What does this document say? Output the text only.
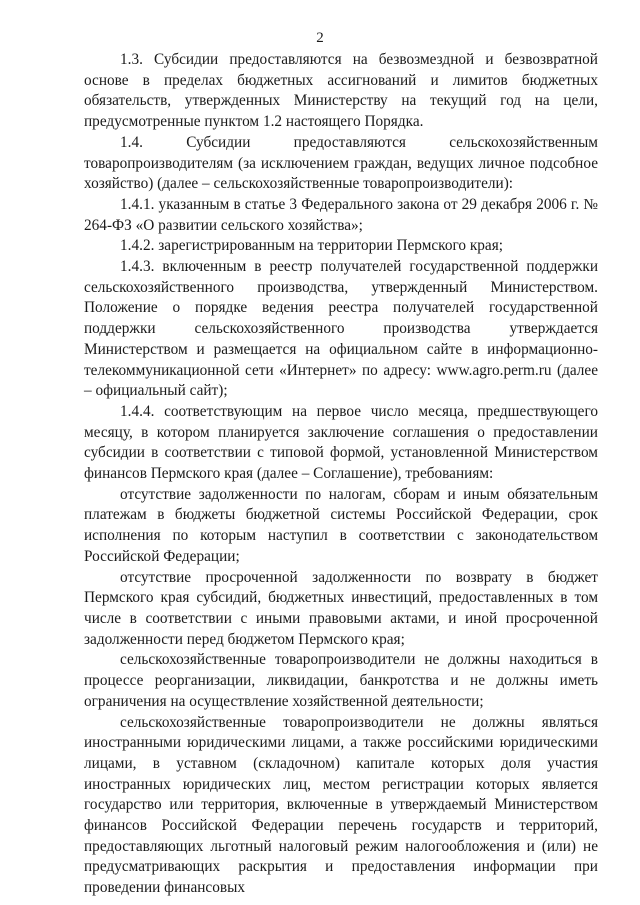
2

1.3. Субсидии предоставляются на безвозмездной и безвозвратной основе в пределах бюджетных ассигнований и лимитов бюджетных обязательств, утвержденных Министерству на текущий год на цели, предусмотренные пунктом 1.2 настоящего Порядка.

1.4. Субсидии предоставляются сельскохозяйственным товаропроизводителям (за исключением граждан, ведущих личное подсобное хозяйство) (далее – сельскохозяйственные товаропроизводители):

1.4.1. указанным в статье 3 Федерального закона от 29 декабря 2006 г. № 264-ФЗ «О развитии сельского хозяйства»;

1.4.2. зарегистрированным на территории Пермского края;

1.4.3. включенным в реестр получателей государственной поддержки сельскохозяйственного производства, утвержденный Министерством. Положение о порядке ведения реестра получателей государственной поддержки сельскохозяйственного производства утверждается Министерством и размещается на официальном сайте в информационно-телекоммуникационной сети «Интернет» по адресу: www.agro.perm.ru (далее – официальный сайт);

1.4.4. соответствующим на первое число месяца, предшествующего месяцу, в котором планируется заключение соглашения о предоставлении субсидии в соответствии с типовой формой, установленной Министерством финансов Пермского края (далее – Соглашение), требованиям:

отсутствие задолженности по налогам, сборам и иным обязательным платежам в бюджеты бюджетной системы Российской Федерации, срок исполнения по которым наступил в соответствии с законодательством Российской Федерации;

отсутствие просроченной задолженности по возврату в бюджет Пермского края субсидий, бюджетных инвестиций, предоставленных в том числе в соответствии с иными правовыми актами, и иной просроченной задолженности перед бюджетом Пермского края;

сельскохозяйственные товаропроизводители не должны находиться в процессе реорганизации, ликвидации, банкротства и не должны иметь ограничения на осуществление хозяйственной деятельности;

сельскохозяйственные товаропроизводители не должны являться иностранными юридическими лицами, а также российскими юридическими лицами, в уставном (складочном) капитале которых доля участия иностранных юридических лиц, местом регистрации которых является государство или территория, включенные в утверждаемый Министерством финансов Российской Федерации перечень государств и территорий, предоставляющих льготный налоговый режим налогообложения и (или) не предусматривающих раскрытия и предоставления информации при проведении финансовых
